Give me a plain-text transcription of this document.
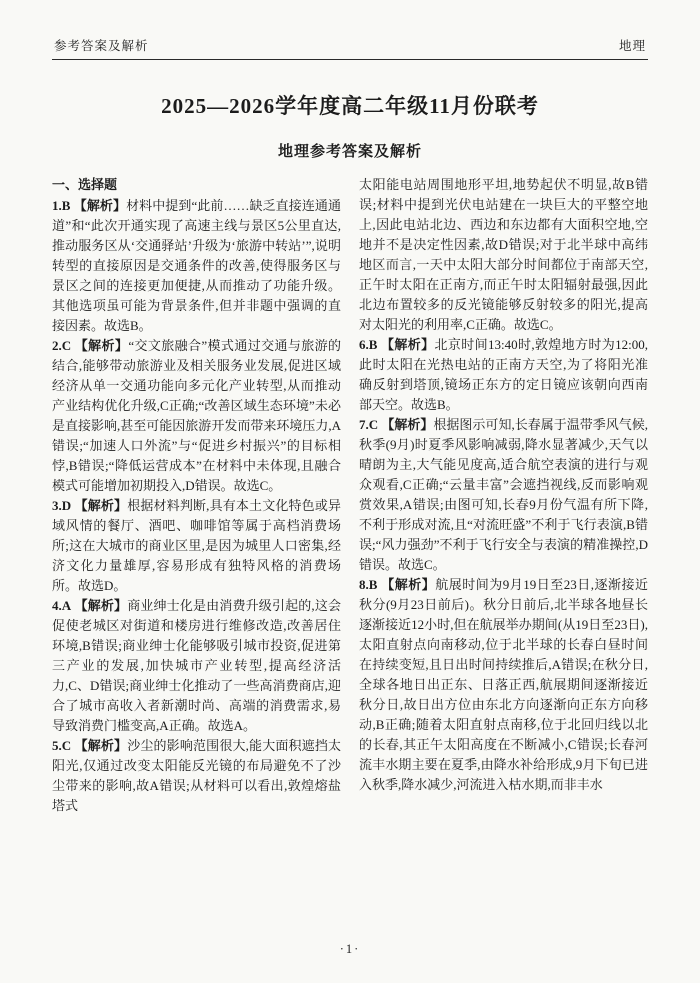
参考答案及解析	地理
2025—2026学年度高二年级11月份联考
地理参考答案及解析

一、选择题

1.B 【解析】材料中提到“此前……缺乏直接连通通道”和“此次开通实现了高速主线与景区5公里直达,推动服务区从‘交通驿站’升级为‘旅游中转站’”,说明转型的直接原因是交通条件的改善,使得服务区与景区之间的连接更加便捷,从而推动了功能升级。其他选项虽可能为背景条件,但并非题中强调的直接因素。故选B。

2.C 【解析】“交文旅融合”模式通过交通与旅游的结合,能够带动旅游业及相关服务业发展,促进区域经济从单一交通功能向多元化产业转型,从而推动产业结构优化升级,C正确;“改善区域生态环境”未必是直接影响,甚至可能因旅游开发而带来环境压力,A错误;“加速人口外流”与“促进乡村振兴”的目标相悖,B错误;“降低运营成本”在材料中未体现,且融合模式可能增加初期投入,D错误。故选C。

3.D 【解析】根据材料判断,具有本土文化特色或异域风情的餐厅、酒吧、咖啡馆等属于高档消费场所;这在大城市的商业区里,是因为城里人口密集,经济文化力量雄厚,容易形成有独特风格的消费场所。故选D。

4.A 【解析】商业绅士化是由消费升级引起的,这会促使老城区对街道和楼房进行维修改造,改善居住环境,B错误;商业绅士化能够吸引城市投资,促进第三产业的发展,加快城市产业转型,提高经济活力,C、D错误;商业绅士化推动了一些高消费商店,迎合了城市高收入者新潮时尚、高端的消费需求,易导致消费门槛变高,A正确。故选A。

5.C 【解析】沙尘的影响范围很大,能大面积遮挡太阳光,仅通过改变太阳能反光镜的布局避免不了沙尘带来的影响,故A错误;从材料可以看出,敦煌熔盐塔式

太阳能电站周围地形平坦,地势起伏不明显,故B错误;材料中提到光伏电站建在一块巨大的平整空地上,因此电站北边、西边和东边都有大面积空地,空地并不是决定性因素,故D错误;对于北半球中高纬地区而言,一天中太阳大部分时间都位于南部天空,正午时太阳在正南方,而正午时太阳辐射最强,因此北边布置较多的反光镜能够反射较多的阳光,提高对太阳光的利用率,C正确。故选C。

6.B 【解析】北京时间13:40时,敦煌地方时为12:00,此时太阳在光热电站的正南方天空,为了将阳光准确反射到塔顶,镜场正东方的定日镜应该朝向西南部天空。故选B。

7.C 【解析】根据图示可知,长春属于温带季风气候,秋季(9月)时夏季风影响减弱,降水显著减少,天气以晴朗为主,大气能见度高,适合航空表演的进行与观众观看,C正确;“云量丰富”会遮挡视线,反而影响观赏效果,A错误;由图可知,长春9月份气温有所下降,不利于形成对流,且“对流旺盛”不利于飞行表演,B错误;“风力强劲”不利于飞行安全与表演的精准操控,D错误。故选C。

8.B 【解析】航展时间为9月19日至23日,逐渐接近秋分(9月23日前后)。秋分日前后,北半球各地昼长逐渐接近12小时,但在航展举办期间(从19日至23日),太阳直射点向南移动,位于北半球的长春白昼时间在持续变短,且日出时间持续推后,A错误;在秋分日,全球各地日出正东、日落正西,航展期间逐渐接近秋分日,故日出方位由东北方向逐渐向正东方向移动,B正确;随着太阳直射点南移,位于北回归线以北的长春,其正午太阳高度在不断减小,C错误;长春河流丰水期主要在夏季,由降水补给形成,9月下旬已进入秋季,降水减少,河流进入枯水期,而非丰水

·1·
